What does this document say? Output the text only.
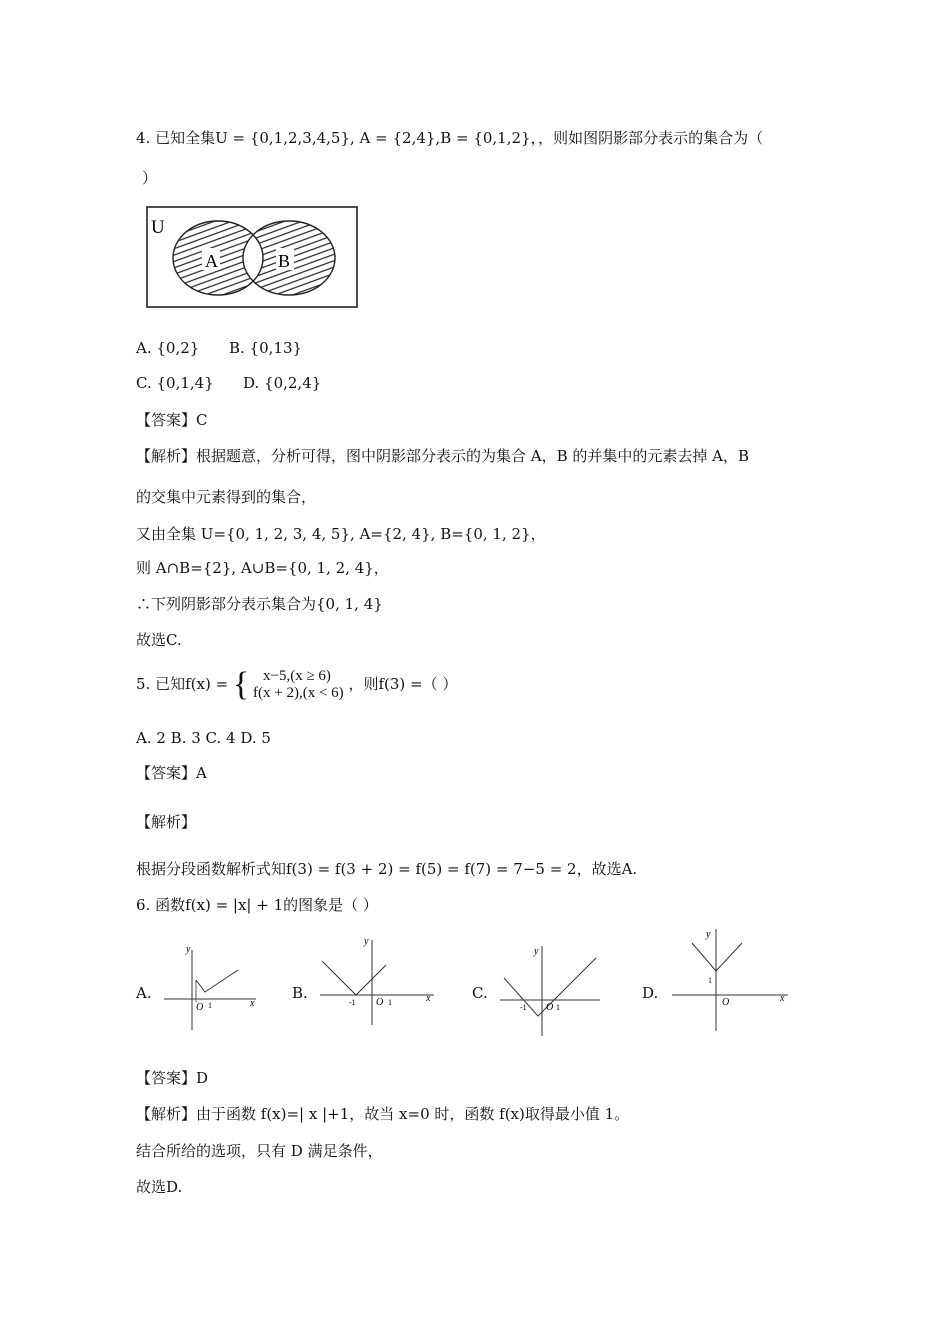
4. 已知全集U = {0,1,2,3,4,5}, A = {2,4},B = {0,1,2}，，则如图阴影部分表示的集合为（
）
U
A	B
A. {0,2} B. {0,13}
C. {0,1,4} D. {0,2,4}
【答案】C
【解析】根据题意，分析可得，图中阴影部分表示的为集合 A，B 的并集中的元素去掉 A，B
的交集中元素得到的集合，
又由全集 U={0, 1, 2, 3, 4, 5}, A={2, 4}, B={0, 1, 2}，
则 A∩B={2}, A∪B={0, 1, 2, 4}，
∴下列阴影部分表示集合为{0, 1, 4}
故选C.
5. 已知f(x) = { x−5,(x ≥ 6)
f(x + 2),(x < 6) ，则f(3) =（ ）
A. 2 B. 3 C. 4 D. 5
【答案】A
【解析】
根据分段函数解析式知f(3) = f(3 + 2) = f(5) = f(7) = 7−5 = 2，故选A.
6. 函数f(x) = |x| + 1的图象是（ ）
A.
y
O 1	x
B.
y
-1 O 1	x	C.
y
-1 O 1
D.
y
1
O	x
【答案】D
【解析】由于函数 f(x)=| x |+1，故当 x=0 时，函数 f(x)取得最小值 1。
结合所给的选项，只有 D 满足条件，
故选D.
